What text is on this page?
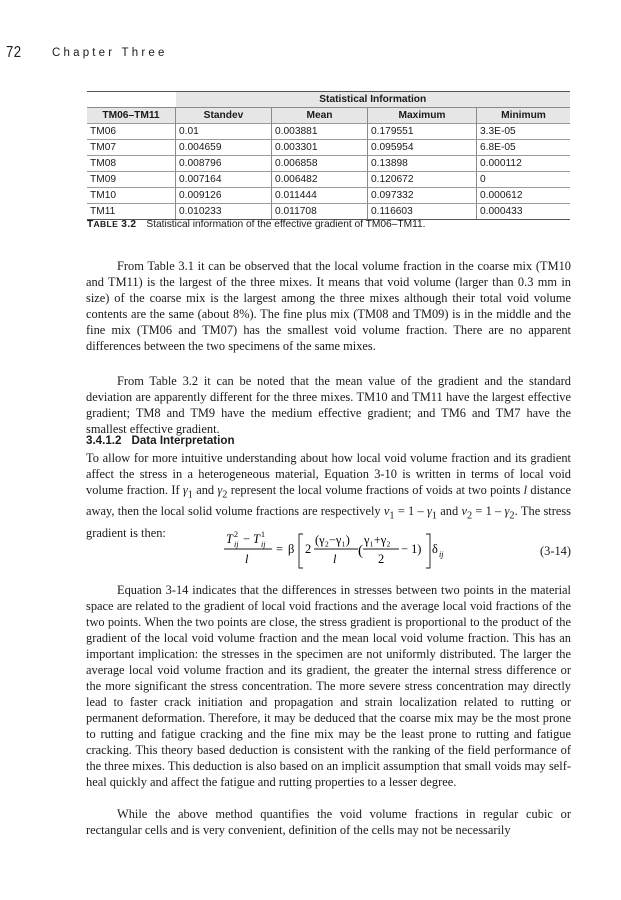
72	Chapter Three
	Statistical Information			
TM06–TM11	Standev	Mean	Maximum	Minimum
TM06	0.01	0.003881	0.179551	3.3E-05
TM07	0.004659	0.003301	0.095954	6.8E-05
TM08	0.008796	0.006858	0.13898	0.000112
TM09	0.007164	0.006482	0.120672	0
TM10	0.009126	0.011444	0.097332	0.000612
TM11	0.010233	0.011708	0.116603	0.000433
TABLE 3.2 Statistical information of the effective gradient of TM06–TM11.

From Table 3.1 it can be observed that the local volume fraction in the coarse mix (TM10 and TM11) is the largest of the three mixes. It means that void volume (larger than 0.3 mm in size) of the coarse mix is the largest among the three mixes although their total void volume contents are the same (about 8%). The fine plus mix (TM08 and TM09) is in the middle and the fine mix (TM06 and TM07) has the smallest void volume fraction. There are no apparent differences between the two specimens of the same mixes.

From Table 3.2 it can be noted that the mean value of the gradient and the standard deviation are apparently different for the three mixes. TM10 and TM11 have the largest effective gradient; TM8 and TM9 have the medium effective gradient; and TM6 and TM7 have the smallest effective gradient.

3.4.1.2 Data Interpretation

To allow for more intuitive understanding about how local void volume fraction and its gradient affect the stress in a heterogeneous material, Equation 3-10 is written in terms of local void volume fraction. If $\gamma_1$ and $\gamma_2$ represent the local volume fractions of voids at two points l distance away, then the local solid volume fractions are respectively $v_1 = 1 - \gamma_1$ and $v_2 = 1 - \gamma_2$. The stress gradient is then:	T 2
ij − T 1
ij
l
= β 2
(γ₂−γ₁)
l (
γ₁+γ₂
2
− 1) δ ij	(3-14)

Equation 3-14 indicates that the differences in stresses between two points in the material space are related to the gradient of local void fractions and the average local void fractions of the two points. When the two points are close, the stress gradient is proportional to the product of the gradient of the local void volume fraction and the mean local void volume fraction. This has an important implication: the stresses in the specimen are not uniformly distributed. The larger the average local void volume fraction and its gradient, the greater the internal stress difference or the more significant the stress concentration. The more severe stress concentration may directly lead to faster crack initiation and propagation and strain localization related to rutting or permanent deformation. Therefore, it may be deduced that the coarse mix may be the most prone to rutting and fatigue cracking and the fine mix may be the least prone to rutting and fatigue cracking. This theory based deduction is consistent with the ranking of the field performance of the three mixes. This deduction is also based on an implicit assumption that small voids may self-heal quickly and affect the fatigue and rutting properties to a lesser degree.

While the above method quantifies the void volume fractions in regular cubic or rectangular cells and is very convenient, definition of the cells may not be necessarily
